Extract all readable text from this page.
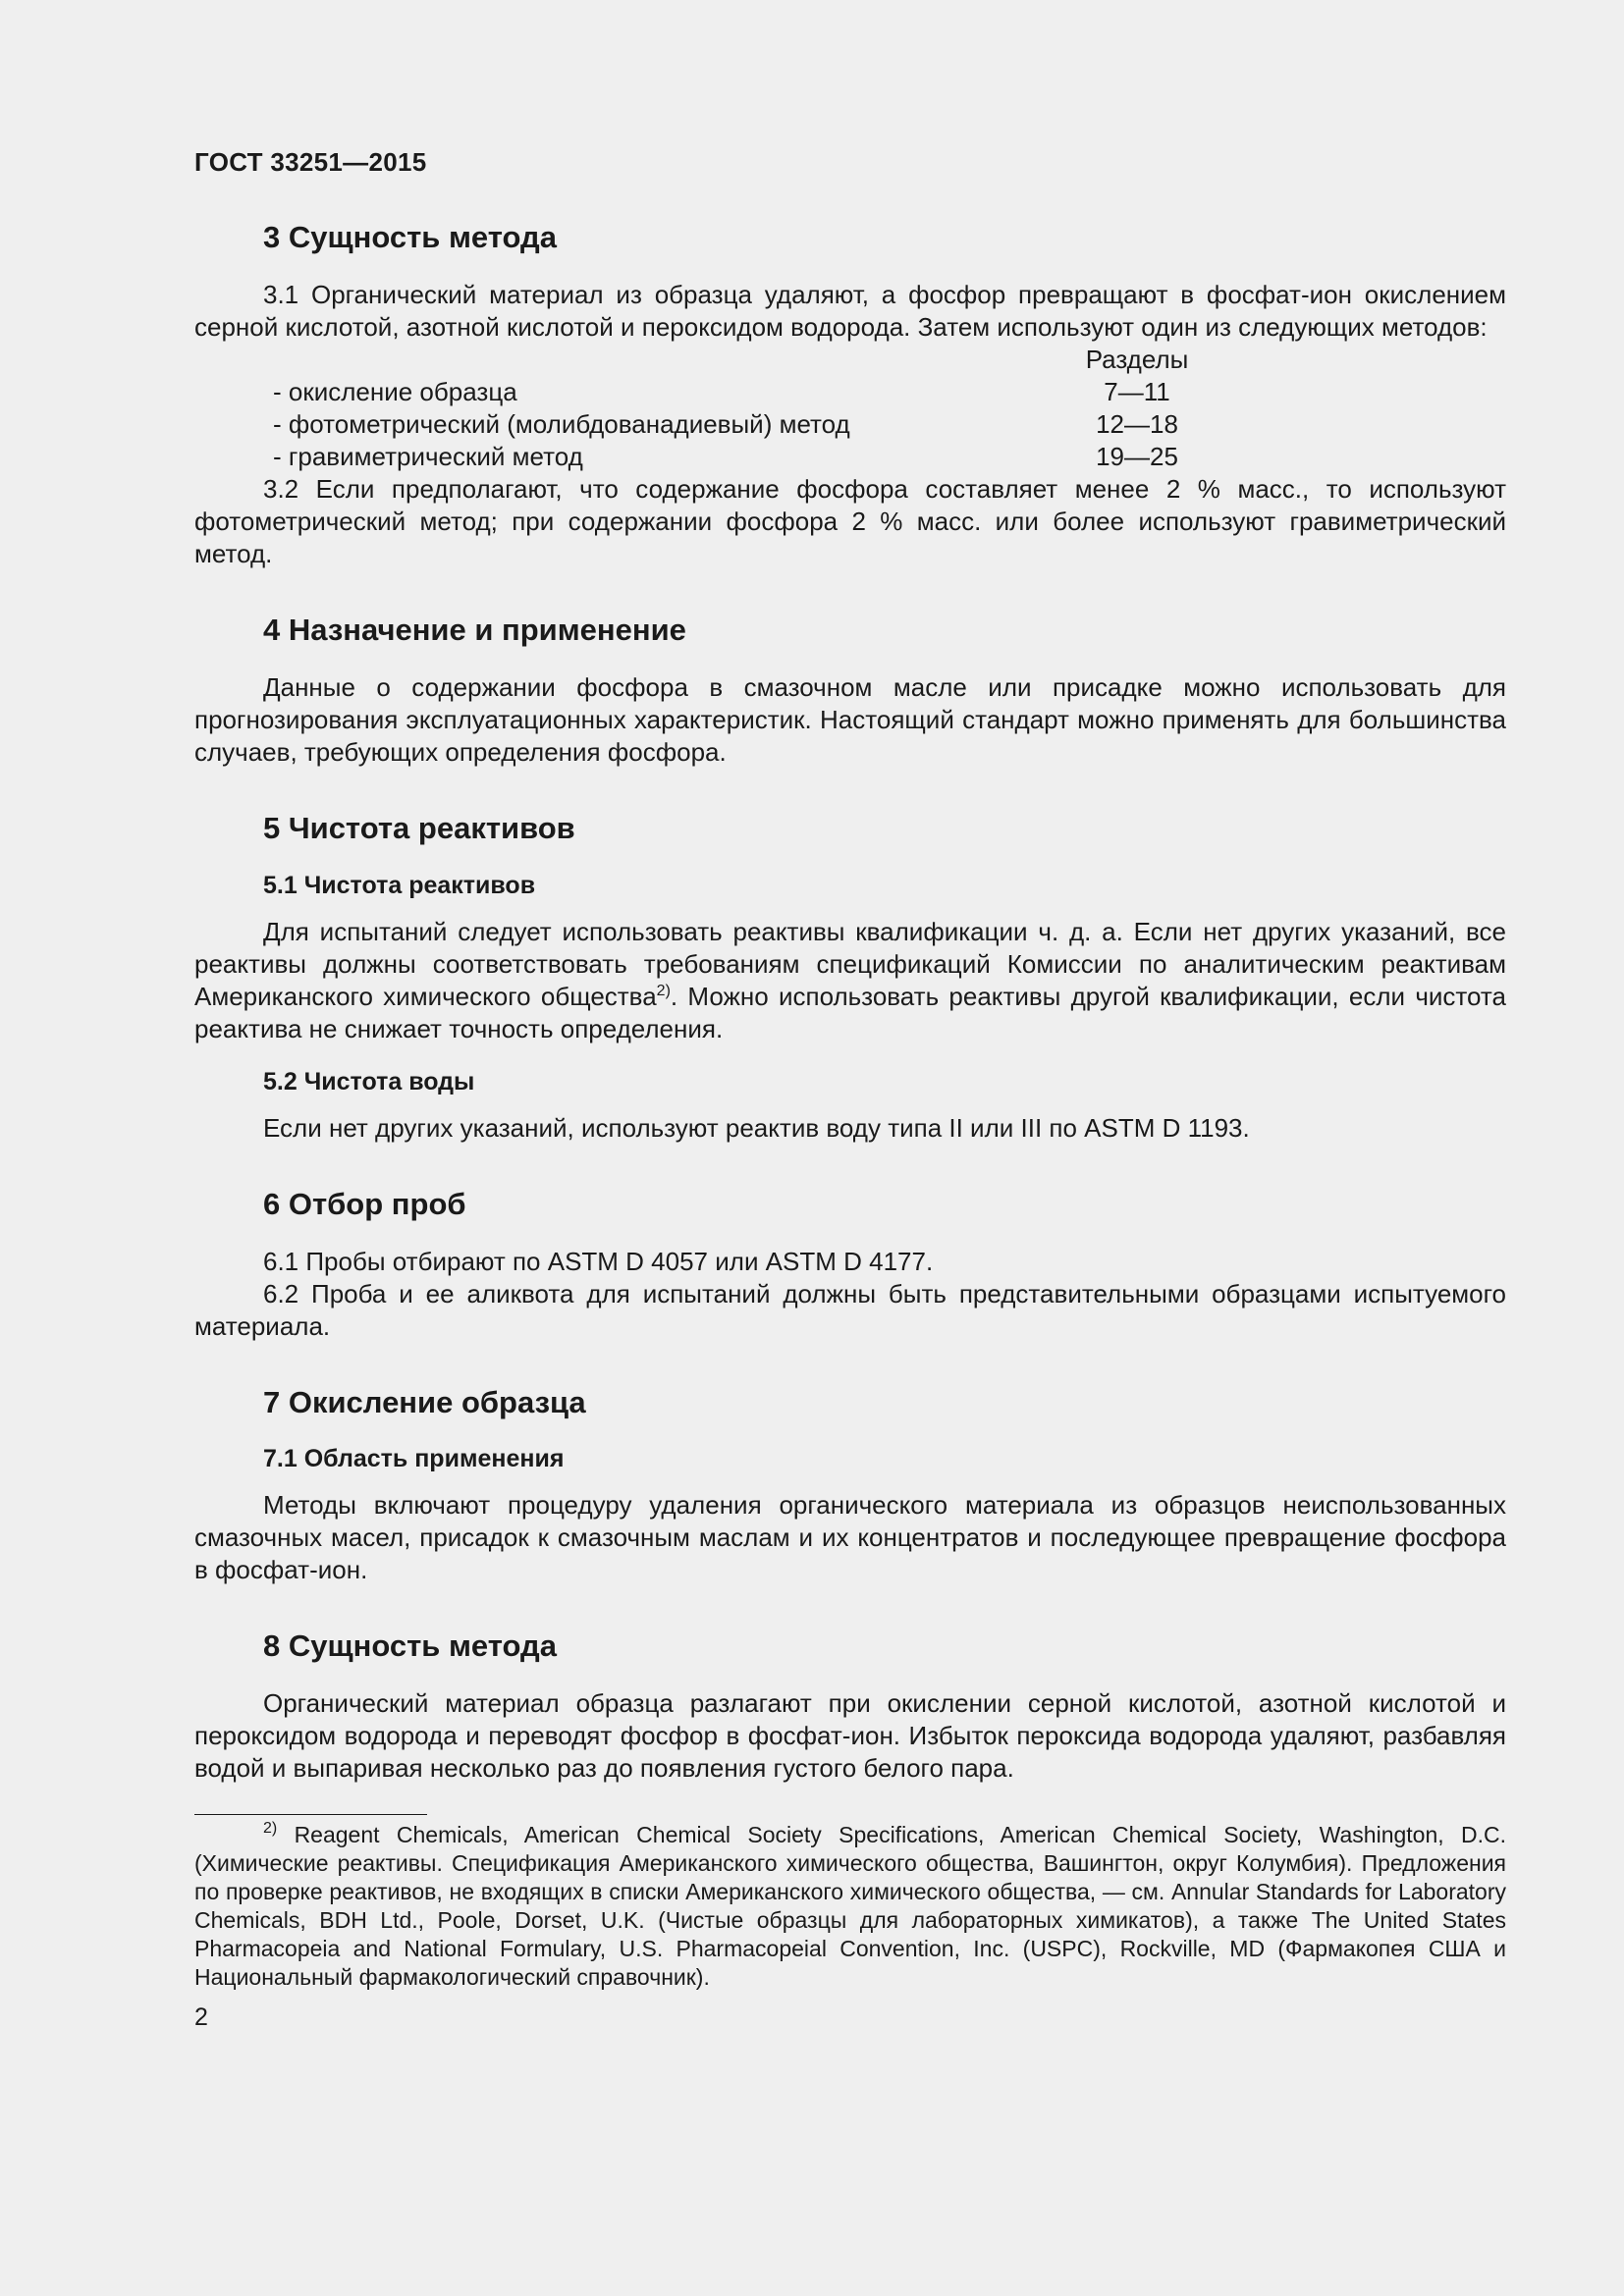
ГОСТ 33251—2015
3 Сущность метода

3.1 Органический материал из образца удаляют, а фосфор превращают в фосфат-ион окислением серной кислотой, азотной кислотой и пероксидом водорода. Затем используют один из следующих методов:

Разделы
- окисление образца	7—11
- фотометрический (молибдованадиевый) метод	12—18
- гравиметрический метод	19—25

3.2 Если предполагают, что содержание фосфора составляет менее 2 % масс., то используют фотометрический метод; при содержании фосфора 2 % масс. или более используют гравиметрический метод.

4 Назначение и применение

Данные о содержании фосфора в смазочном масле или присадке можно использовать для прогнозирования эксплуатационных характеристик. Настоящий стандарт можно применять для большинства случаев, требующих определения фосфора.

5 Чистота реактивов
5.1 Чистота реактивов

Для испытаний следует использовать реактивы квалификации ч. д. а. Если нет других указаний, все реактивы должны соответствовать требованиям спецификаций Комиссии по аналитическим реактивам Американского химического общества$^{2)}$. Можно использовать реактивы другой квалификации, если чистота реактива не снижает точность определения.

5.2 Чистота воды

Если нет других указаний, используют реактив воду типа II или III по ASTM D 1193.

6 Отбор проб

6.1 Пробы отбирают по ASTM D 4057 или ASTM D 4177.

6.2 Проба и ее аликвота для испытаний должны быть представительными образцами испытуемого материала.

7 Окисление образца
7.1 Область применения

Методы включают процедуру удаления органического материала из образцов неиспользованных смазочных масел, присадок к смазочным маслам и их концентратов и последующее превращение фосфора в фосфат-ион.

8 Сущность метода

Органический материал образца разлагают при окислении серной кислотой, азотной кислотой и пероксидом водорода и переводят фосфор в фосфат-ион. Избыток пероксида водорода удаляют, разбавляя водой и выпаривая несколько раз до появления густого белого пара.

$^{2)}$ Reagent Chemicals, American Chemical Society Specifications, American Chemical Society, Washington, D.C. (Химические реактивы. Спецификация Американского химического общества, Вашингтон, округ Колумбия). Предложения по проверке реактивов, не входящих в списки Американского химического общества, — см. Annular Standards for Laboratory Chemicals, BDH Ltd., Poole, Dorset, U.K. (Чистые образцы для лабораторных химикатов), а также The United States Pharmacopeia and National Formulary, U.S. Pharmacopeial Convention, Inc. (USPC), Rockville, MD (Фармакопея США и Национальный фармакологический справочник).

2
